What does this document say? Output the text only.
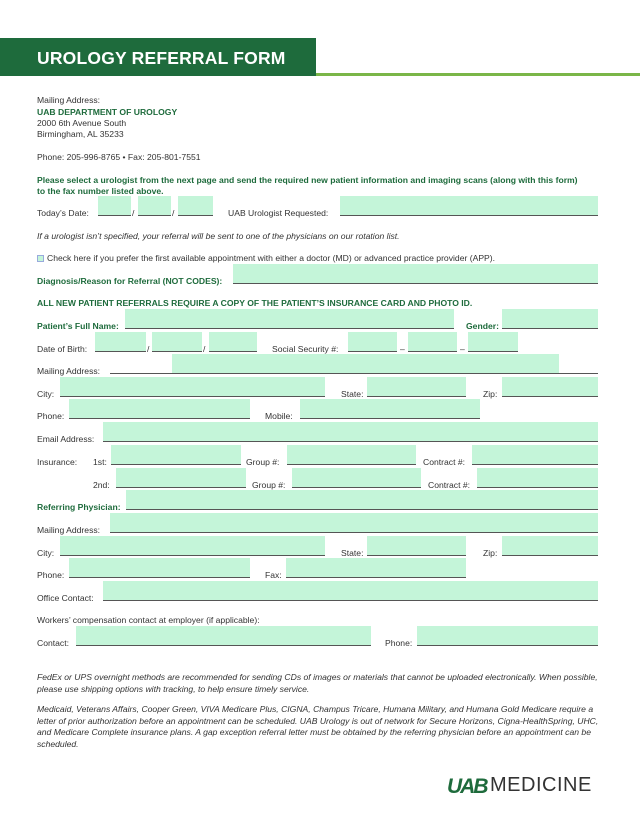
UROLOGY REFERRAL FORM
Mailing Address:
UAB DEPARTMENT OF UROLOGY
2000 6th Avenue South
Birmingham, AL 35233
Phone: 205-996-8765 • Fax: 205-801-7551
Please select a urologist from the next page and send the required new patient information and imaging scans (along with this form)
to the fax number listed above.
Today’s Date:	/	/	UAB Urologist Requested:
If a urologist isn’t specified, your referral will be sent to one of the physicians on our rotation list.
Check here if you prefer the first available appointment with either a doctor (MD) or advanced practice provider (APP).
Diagnosis/Reason for Referral (NOT CODES):
ALL NEW PATIENT REFERRALS REQUIRE A COPY OF THE PATIENT’S INSURANCE CARD AND PHOTO ID.
Patient’s Full Name:	Gender:
Date of Birth:	/	/	Social Security #:	–	–
Mailing Address:
City:	State:	Zip:
Phone:	Mobile:
Email Address:
Insurance: 1st:	Group #:	Contract #:
2nd:	Group #:	Contract #:
Referring Physician:
Mailing Address:
City:	State:	Zip:
Phone:	Fax:
Office Contact:
Workers’ compensation contact at employer (if applicable):
Contact:	Phone:
FedEx or UPS overnight methods are recommended for sending CDs of images or materials that cannot be uploaded electronically. When possible, please use shipping options with tracking, to help ensure timely service.
Medicaid, Veterans Affairs, Cooper Green, VIVA Medicare Plus, CIGNA, Champus Tricare, Humana Military, and Humana Gold Medicare require a letter of prior authorization before an appointment can be scheduled. UAB Urology is out of network for Secure Horizons, Cigna-HealthSpring, UHC, and Medicare Complete insurance plans. A gap exception referral letter must be obtained by the referring physician before an appointment can be scheduled.
UAB MEDICINE
